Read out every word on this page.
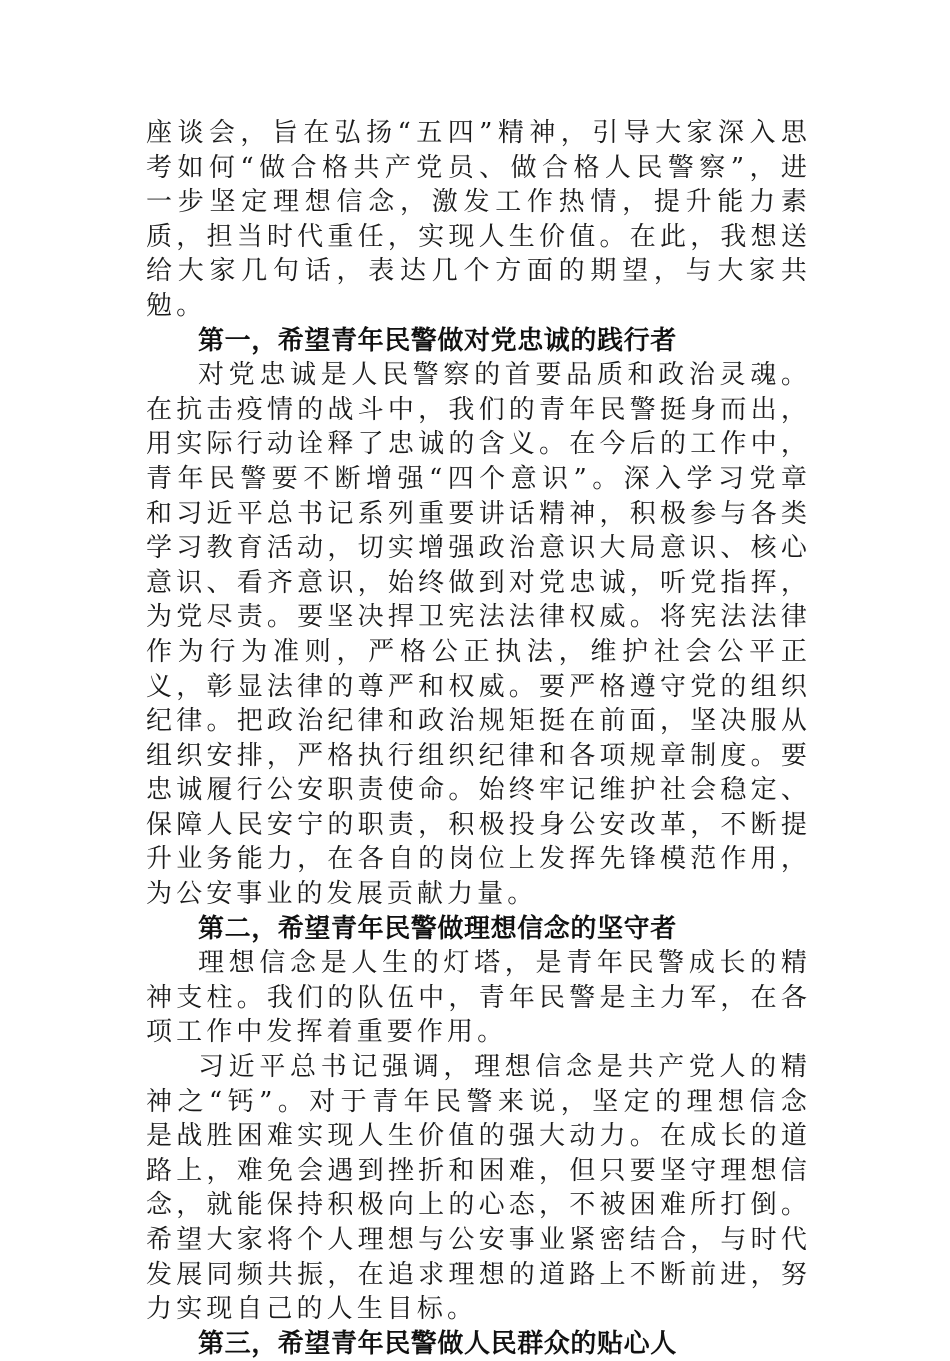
座谈会，旨在弘扬“五四”精神，引导大家深入思考如何“做合格共产党员、做合格人民警察”，进一步坚定理想信念，激发工作热情，提升能力素质，担当时代重任，实现人生价值。在此，我想送给大家几句话，表达几个方面的期望，与大家共勉。

第一，希望青年民警做对党忠诚的践行者

对党忠诚是人民警察的首要品质和政治灵魂。在抗击疫情的战斗中，我们的青年民警挺身而出，用实际行动诠释了忠诚的含义。在今后的工作中，青年民警要不断增强“四个意识”。深入学习党章和习近平总书记系列重要讲话精神，积极参与各类学习教育活动，切实增强政治意识大局意识、核心意识、看齐意识，始终做到对党忠诚，听党指挥，为党尽责。要坚决捍卫宪法法律权威。将宪法法律作为行为准则，严格公正执法，维护社会公平正义，彰显法律的尊严和权威。要严格遵守党的组织纪律。把政治纪律和政治规矩挺在前面，坚决服从组织安排，严格执行组织纪律和各项规章制度。要忠诚履行公安职责使命。始终牢记维护社会稳定、保障人民安宁的职责，积极投身公安改革，不断提升业务能力，在各自的岗位上发挥先锋模范作用，为公安事业的发展贡献力量。

第二，希望青年民警做理想信念的坚守者

理想信念是人生的灯塔，是青年民警成长的精神支柱。我们的队伍中，青年民警是主力军，在各项工作中发挥着重要作用。

习近平总书记强调，理想信念是共产党人的精神之“钙”。对于青年民警来说，坚定的理想信念是战胜困难实现人生价值的强大动力。在成长的道路上，难免会遇到挫折和困难，但只要坚守理想信念，就能保持积极向上的心态，不被困难所打倒。希望大家将个人理想与公安事业紧密结合，与时代发展同频共振，在追求理想的道路上不断前进，努力实现自己的人生目标。

第三，希望青年民警做人民群众的贴心人
